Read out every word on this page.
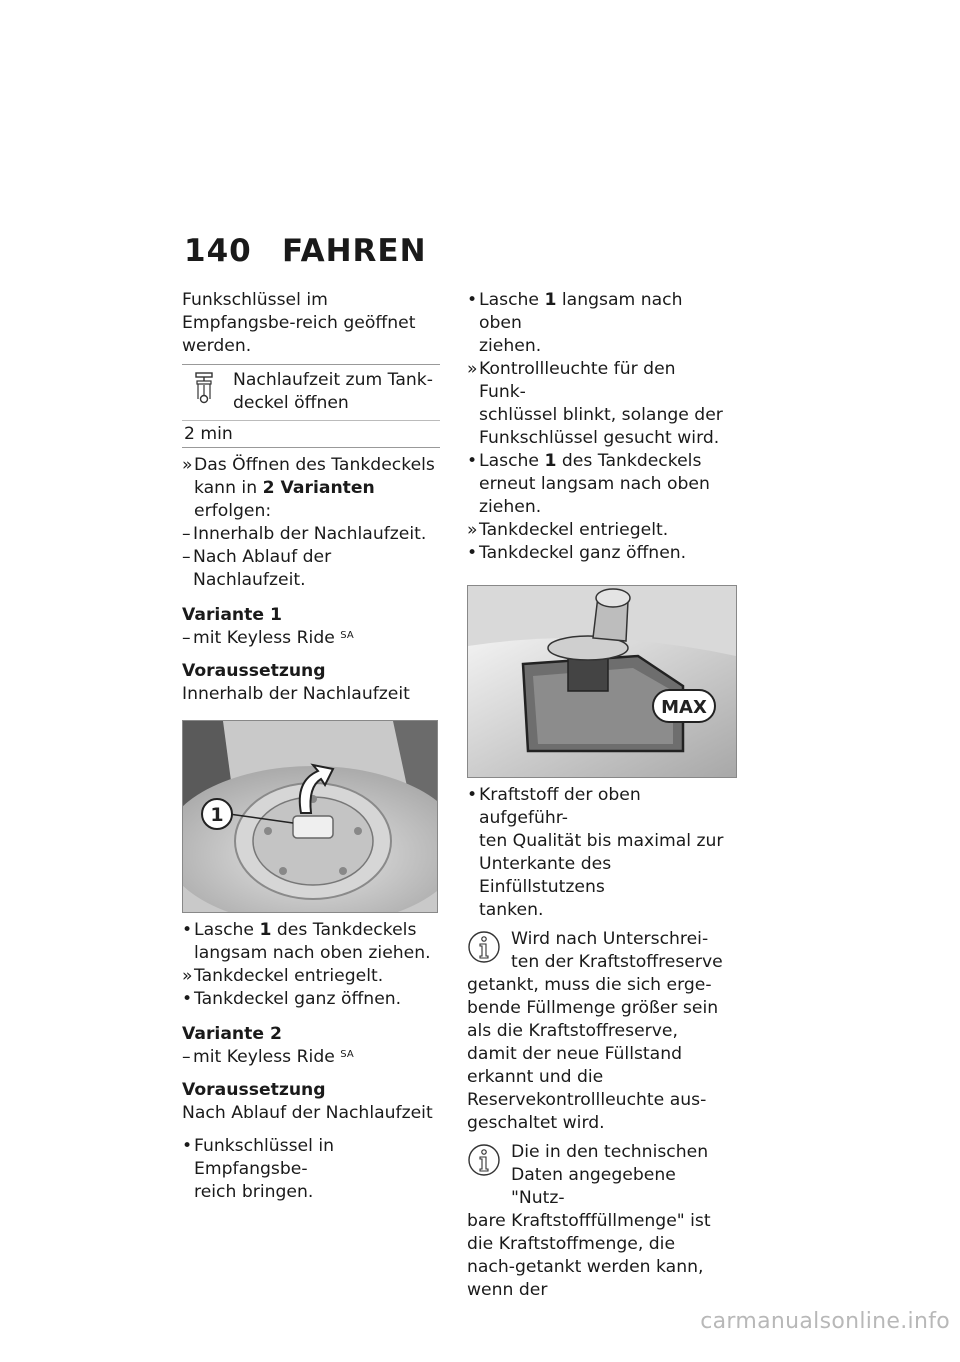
140 FAHREN

Funkschlüssel im Empfangsbe-reich geöffnet werden.

Nachlaufzeit zum Tank-
deckel öffnen
2 min
» Das Öffnen des Tankdeckels
kann in 2 Varianten erfolgen:
– Innerhalb der Nachlaufzeit.
– Nach Ablauf der Nachlaufzeit.

Variante 1

– mit Keyless Ride $^{SA}$

Voraussetzung

Innerhalb der Nachlaufzeit

1
• Lasche 1 des Tankdeckels
langsam nach oben ziehen.
» Tankdeckel entriegelt.
• Tankdeckel ganz öffnen.

Variante 2

– mit Keyless Ride $^{SA}$

Voraussetzung

Nach Ablauf der Nachlaufzeit

• Funkschlüssel in Empfangsbe-
reich bringen.
• Lasche 1 langsam nach oben
ziehen.
» Kontrollleuchte für den Funk-
schlüssel blinkt, solange der
Funkschlüssel gesucht wird.
• Lasche 1 des Tankdeckels
erneut langsam nach oben
ziehen.
» Tankdeckel entriegelt.
• Tankdeckel ganz öffnen.
MAX
• Kraftstoff der oben aufgeführ-
ten Qualität bis maximal zur
Unterkante des Einfüllstutzens
tanken.
Wird nach Unterschrei-
ten der Kraftstoffreserve
getankt, muss die sich erge-bende Füllmenge größer sein als die Kraftstoffreserve, damit der neue Füllstand erkannt und die Reservekontrollleuchte aus-geschaltet wird.
Die in den technischen
Daten angegebene "Nutz-
bare Kraftstofffüllmenge" ist die Kraftstoffmenge, die nach-getankt werden kann, wenn der
carmanualsonline.info
